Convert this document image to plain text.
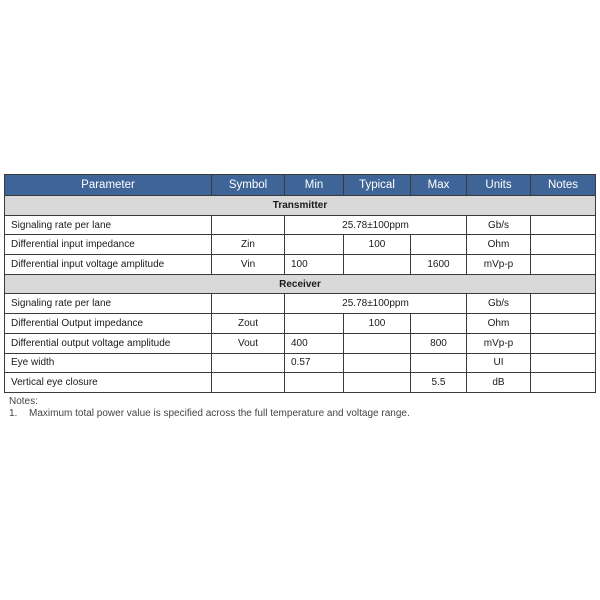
Parameter	Symbol	Min	Typical	Max	Units	Notes
Transmitter						
Signaling rate per lane		25.78±100ppm			Gb/s	
Differential input impedance	Zin		100		Ohm	
Differential input voltage amplitude	Vin	100		1600	mVp-p	
Receiver						
Signaling rate per lane		25.78±100ppm			Gb/s	
Differential Output impedance	Zout		100		Ohm	
Differential output voltage amplitude	Vout	400		800	mVp-p	
Eye width		0.57			UI	
Vertical eye closure				5.5	dB	
Notes:
1.	Maximum total power value is specified across the full temperature and voltage range.
